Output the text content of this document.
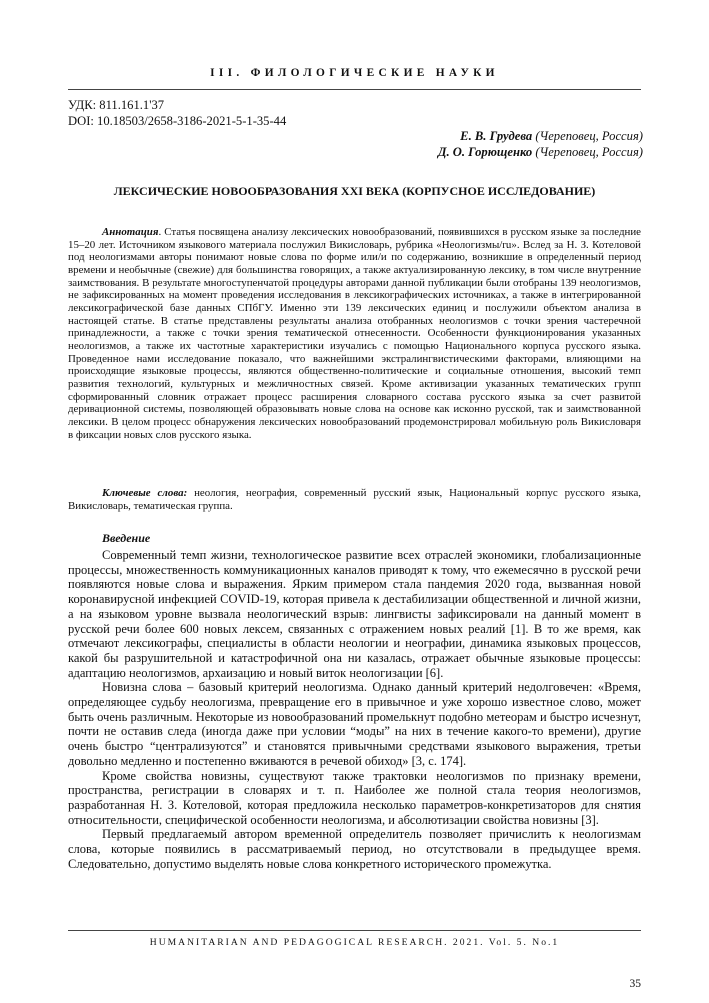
III. ФИЛОЛОГИЧЕСКИЕ НАУКИ
УДК: 811.161.1'37
DOI: 10.18503/2658-3186-2021-5-1-35-44
Е. В. Грудева (Череповец, Россия)
Д. О. Горющенко (Череповец, Россия)
ЛЕКСИЧЕСКИЕ НОВООБРАЗОВАНИЯ XXI ВЕКА (КОРПУСНОЕ ИССЛЕДОВАНИЕ)

Аннотация. Статья посвящена анализу лексических новообразований, появившихся в русском языке за последние 15–20 лет. Источником языкового материала послужил Викисловарь, рубрика «Неологизмы/ru». Вслед за Н. З. Котеловой под неологизмами авторы понимают новые слова по форме или/и по содержанию, возникшие в определенный период времени и необычные (свежие) для большинства говорящих, а также актуализированную лексику, в том числе внутренние заимствования. В результате многоступенчатой процедуры авторами данной публикации были отобраны 139 неологизмов, не зафиксированных на момент проведения исследования в лексикографических источниках, а также в интегрированной лексикографической базе данных СПбГУ. Именно эти 139 лексических единиц и послужили объектом анализа в настоящей статье. В статье представлены результаты анализа отобранных неологизмов с точки зрения частеречной принадлежности, а также с точки зрения тематической отнесенности. Особенности функционирования указанных неологизмов, а также их частотные характеристики изучались с помощью Национального корпуса русского языка. Проведенное нами исследование показало, что важнейшими экстралингвистическими факторами, влияющими на происходящие языковые процессы, являются общественно-политические и социальные отношения, высокий темп развития технологий, культурных и межличностных связей. Кроме активизации указанных тематических групп сформированный словник отражает процесс расширения словарного состава русского языка за счет развитой деривационной системы, позволяющей образовывать новые слова на основе как исконно русской, так и заимствованной лексики. В целом процесс обнаружения лексических новообразований продемонстрировал мобильную роль Викисловаря в фиксации новых слов русского языка.

Ключевые слова: неология, неография, современный русский язык, Национальный корпус русского языка, Викисловарь, тематическая группа.

Введение

Современный темп жизни, технологическое развитие всех отраслей экономики, глобализационные процессы, множественность коммуникационных каналов приводят к тому, что ежемесячно в русской речи появляются новые слова и выражения. Ярким примером стала пандемия 2020 года, вызванная новой коронавирусной инфекцией COVID-19, которая привела к дестабилизации общественной и личной жизни, а на языковом уровне вызвала неологический взрыв: лингвисты зафиксировали на данный момент в русской речи более 600 новых лексем, связанных с отражением новых реалий [1]. В то же время, как отмечают лексикографы, специалисты в области неологии и неографии, динамика языковых процессов, какой бы разрушительной и катастрофичной она ни казалась, отражает обычные языковые процессы: адаптацию неологизмов, архаизацию и новый виток неологизации [6].

Новизна слова – базовый критерий неологизма. Однако данный критерий недолговечен: «Время, определяющее судьбу неологизма, превращение его в привычное и уже хорошо известное слово, может быть очень различным. Некоторые из новообразований промелькнут подобно метеорам и быстро исчезнут, почти не оставив следа (иногда даже при условии “моды” на них в течение какого-то времени), другие очень быстро “централизуются” и становятся привычными средствами языкового выражения, третьи довольно медленно и постепенно вживаются в речевой обиход» [3, с. 174].

Кроме свойства новизны, существуют также трактовки неологизмов по признаку времени, пространства, регистрации в словарях и т. п. Наиболее же полной стала теория неологизмов, разработанная Н. З. Котеловой, которая предложила несколько параметров-конкретизаторов для снятия относительности, специфической особенности неологизма, и абсолютизации свойства новизны [3].

Первый предлагаемый автором временной определитель позволяет причислить к неологизмам слова, которые появились в рассматриваемый период, но отсутствовали в предыдущее время. Следовательно, допустимо выделять новые слова конкретного исторического промежутка.

HUMANITARIAN AND PEDAGOGICAL RESEARCH. 2021. Vol. 5. No.1
35
